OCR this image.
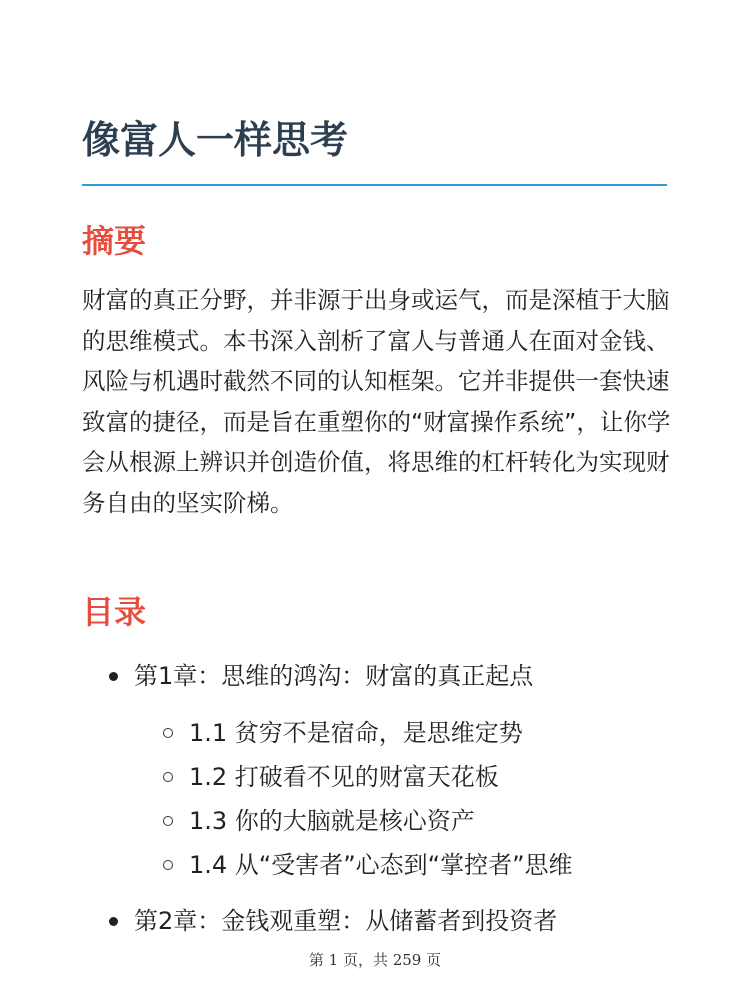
像富人一样思考
摘要

财富的真正分野，并非源于出身或运气，而是深植于大脑的思维模式。本书深入剖析了富人与普通人在面对金钱、风险与机遇时截然不同的认知框架。它并非提供一套快速致富的捷径，而是旨在重塑你的“财富操作系统”，让你学会从根源上辨识并创造价值，将思维的杠杆转化为实现财务自由的坚实阶梯。

目录
第1章：思维的鸿沟：财富的真正起点
1.1 贫穷不是宿命，是思维定势
1.2 打破看不见的财富天花板
1.3 你的大脑就是核心资产
1.4 从“受害者”心态到“掌控者”思维
第2章：金钱观重塑：从储蓄者到投资者
第 1 页，共 259 页
